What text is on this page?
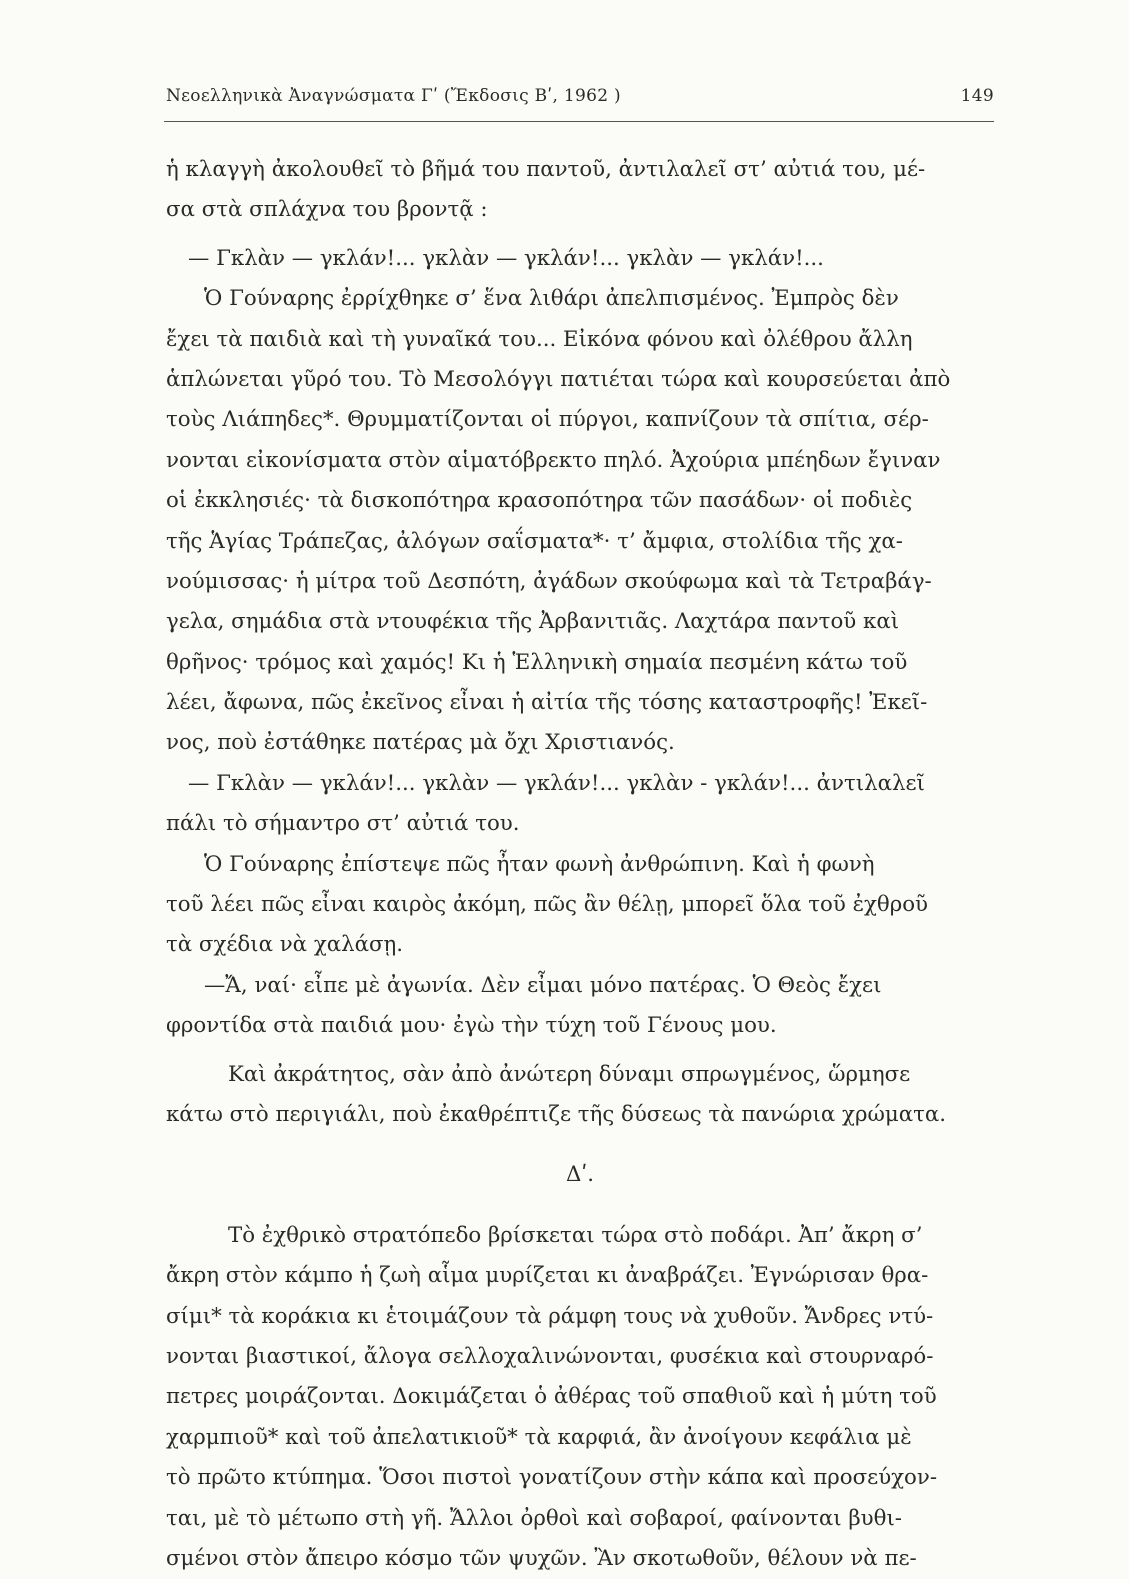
Νεοελληνικὰ Ἀναγνώσματα Γʹ (Ἔκδοσις Βʹ, 1962 )	149
ἡ κλαγγὴ ἀκολουθεῖ τὸ βῆμά του παντοῦ, ἀντιλαλεῖ στ’ αὐτιά του, μέ-
σα στὰ σπλάχνα του βροντᾷ :
— Γκλὰν — γκλάν!... γκλὰν — γκλάν!... γκλὰν — γκλάν!...
Ὁ Γούναρης ἐρρίχθηκε σ’ ἕνα λιθάρι ἀπελπισμένος. Ἐμπρὸς δὲν
ἔχει τὰ παιδιὰ καὶ τὴ γυναῖκά του... Εἰκόνα φόνου καὶ ὀλέθρου ἄλλη
ἁπλώνεται γῦρό του. Τὸ Μεσολόγγι πατιέται τώρα καὶ κουρσεύεται ἀπὸ
τοὺς Λιάπηδες*. Θρυμματίζονται οἱ πύργοι, καπνίζουν τὰ σπίτια, σέρ-
νονται εἰκονίσματα στὸν αἱματόβρεκτο πηλό. Ἀχούρια μπέηδων ἔγιναν
οἱ ἐκκλησιές· τὰ δισκοπότηρα κρασοπότηρα τῶν πασάδων· οἱ ποδιὲς
τῆς Ἁγίας Τράπεζας, ἀλόγων σαΐσματα*· τ’ ἄμφια, στολίδια τῆς χα-
νούμισσας· ἡ μίτρα τοῦ Δεσπότη, ἀγάδων σκούφωμα καὶ τὰ Τετραβάγ-
γελα, σημάδια στὰ ντουφέκια τῆς Ἀρβανιτιᾶς. Λαχτάρα παντοῦ καὶ
θρῆνος· τρόμος καὶ χαμός! Κι ἡ Ἑλληνικὴ σημαία πεσμένη κάτω τοῦ
λέει, ἄφωνα, πῶς ἐκεῖνος εἶναι ἡ αἰτία τῆς τόσης καταστροφῆς! Ἐκεῖ-
νος, ποὺ ἐστάθηκε πατέρας μὰ ὄχι Χριστιανός.
— Γκλὰν — γκλάν!... γκλὰν — γκλάν!... γκλὰν - γκλάν!... ἀντιλαλεῖ
πάλι τὸ σήμαντρο στ’ αὐτιά του.
Ὁ Γούναρης ἐπίστεψε πῶς ἦταν φωνὴ ἀνθρώπινη. Καὶ ἡ φωνὴ
τοῦ λέει πῶς εἶναι καιρὸς ἀκόμη, πῶς ἂν θέλῃ, μπορεῖ ὅλα τοῦ ἐχθροῦ
τὰ σχέδια νὰ χαλάσῃ.
—Ἄ, ναί· εἶπε μὲ ἀγωνία. Δὲν εἶμαι μόνο πατέρας. Ὁ Θεὸς ἔχει
φροντίδα στὰ παιδιά μου· ἐγὼ τὴν τύχη τοῦ Γένους μου.
Καὶ ἀκράτητος, σὰν ἀπὸ ἀνώτερη δύναμι σπρωγμένος, ὥρμησε
κάτω στὸ περιγιάλι, ποὺ ἐκαθρέπτιζε τῆς δύσεως τὰ πανώρια χρώματα.
Δʹ.
Τὸ ἐχθρικὸ στρατόπεδο βρίσκεται τώρα στὸ ποδάρι. Ἀπ’ ἄκρη σ’
ἄκρη στὸν κάμπο ἡ ζωὴ αἷμα μυρίζεται κι ἀναβράζει. Ἐγνώρισαν θρα-
σίμι* τὰ κοράκια κι ἑτοιμάζουν τὰ ράμφη τους νὰ χυθοῦν. Ἄνδρες ντύ-
νονται βιαστικοί, ἄλογα σελλοχαλινώνονται, φυσέκια καὶ στουρναρό-
πετρες μοιράζονται. Δοκιμάζεται ὁ ἀθέρας τοῦ σπαθιοῦ καὶ ἡ μύτη τοῦ
χαρμπιοῦ* καὶ τοῦ ἀπελατικιοῦ* τὰ καρφιά, ἂν ἀνοίγουν κεφάλια μὲ
τὸ πρῶτο κτύπημα. Ὅσοι πιστοὶ γονατίζουν στὴν κάπα καὶ προσεύχον-
ται, μὲ τὸ μέτωπο στὴ γῆ. Ἄλλοι ὀρθοὶ καὶ σοβαροί, φαίνονται βυθι-
σμένοι στὸν ἄπειρο κόσμο τῶν ψυχῶν. Ἂν σκοτωθοῦν, θέλουν νὰ πε-
